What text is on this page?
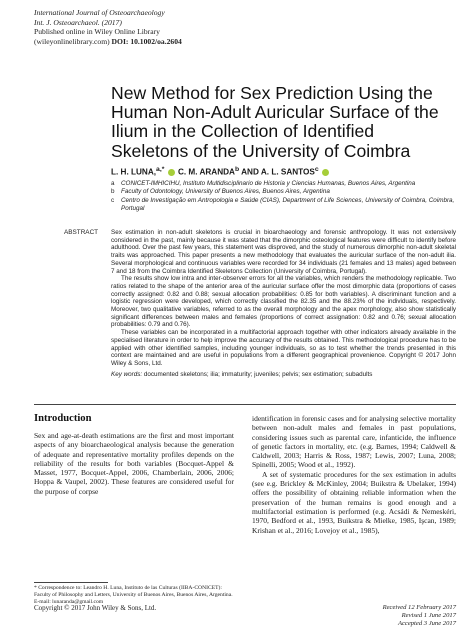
International Journal of Osteoarchaeology
Int. J. Osteoarchaeol. (2017)
Published online in Wiley Online Library
(wileyonlinelibrary.com) DOI: 10.1002/oa.2604
New Method for Sex Prediction Using the Human Non-Adult Auricular Surface of the Ilium in the Collection of Identified Skeletons of the University of Coimbra
L. H. LUNA,$^{a,*}$ C. M. ARANDA$^b$ AND A. L. SANTOS$^c$
a	CONICET-IMHICIHU, Instituto Multidisciplinario de Historia y Ciencias Humanas, Buenos Aires, Argentina
b	Faculty of Odontology, University of Buenos Aires, Buenos Aires, Argentina
c	Centro de Investigação em Antropologia e Saúde (CIAS), Department of Life Sciences, University of Coimbra, Coimbra, Portugal
ABSTRACT Sex estimation in non-adult skeletons is crucial in bioarchaeology and forensic anthropology. It was not extensively considered in the past, mainly because it was stated that the dimorphic osteological features were difficult to identify before adulthood. Over the past few years, this statement was disproved, and the study of numerous dimorphic non-adult skeletal traits was approached. This paper presents a new methodology that evaluates the auricular surface of the non-adult ilia. Several morphological and continuous variables were recorded for 34 individuals (21 females and 13 males) aged between 7 and 18 from the Coimbra Identified Skeletons Collection (University of Coimbra, Portugal).

The results show low intra and inter-observer errors for all the variables, which renders the methodology replicable. Two ratios related to the shape of the anterior area of the auricular surface offer the most dimorphic data (proportions of cases correctly assigned: 0.82 and 0.88; sexual allocation probabilities: 0.85 for both variables). A discriminant function and a logistic regression were developed, which correctly classified the 82.35 and the 88.23% of the individuals, respectively. Moreover, two qualitative variables, referred to as the overall morphology and the apex morphology, also show statistically significant differences between males and females (proportions of correct assignation: 0.82 and 0.76; sexual allocation probabilities: 0.79 and 0.76).

These variables can be incorporated in a multifactorial approach together with other indicators already available in the specialised literature in order to help improve the accuracy of the results obtained. This methodological procedure has to be applied with other identified samples, including younger individuals, so as to test whether the trends presented in this context are maintained and are useful in populations from a different geographical provenience. Copyright © 2017 John Wiley & Sons, Ltd.

Key words: documented skeletons; ilia; immaturity; juveniles; pelvis; sex estimation; subadults
Introduction

Sex and age-at-death estimations are the first and most important aspects of any bioarchaeological analysis because the generation of adequate and representative mortality profiles depends on the reliability of the results for both variables (Bocquet-Appel & Masset, 1977, Bocquet-Appel, 2006, Chamberlain, 2006, 2006; Hoppa & Vaupel, 2002). These features are considered useful for the purpose of corpse

identification in forensic cases and for analysing selective mortality between non-adult males and females in past populations, considering issues such as parental care, infanticide, the influence of genetic factors in mortality, etc. (e.g. Barnes, 1994; Caldwell & Caldwell, 2003; Harris & Ross, 1987; Lewis, 2007; Luna, 2008; Spinelli, 2005; Wood et al., 1992).

A set of systematic procedures for the sex estimation in adults (see e.g. Brickley & McKinley, 2004; Buikstra & Ubelaker, 1994) offers the possibility of obtaining reliable information when the preservation of the human remains is good enough and a multifactorial estimation is performed (e.g. Acsádi & Nemeskéri, 1970, Bedford et al., 1993, Buikstra & Mielke, 1985, Işcan, 1989; Krishan et al., 2016; Lovejoy et al., 1985),

* Correspondence to: Leandro H. Luna, Instituto de las Culturas (IIBA-CONICET): Faculty of Philosophy and Letters, University of Buenos Aires, Buenos Aires, Argentina.
E-mail: lunaranda@gmail.com
Copyright © 2017 John Wiley & Sons, Ltd.	Received 12 February 2017
Revised 1 June 2017
Accepted 3 June 2017
